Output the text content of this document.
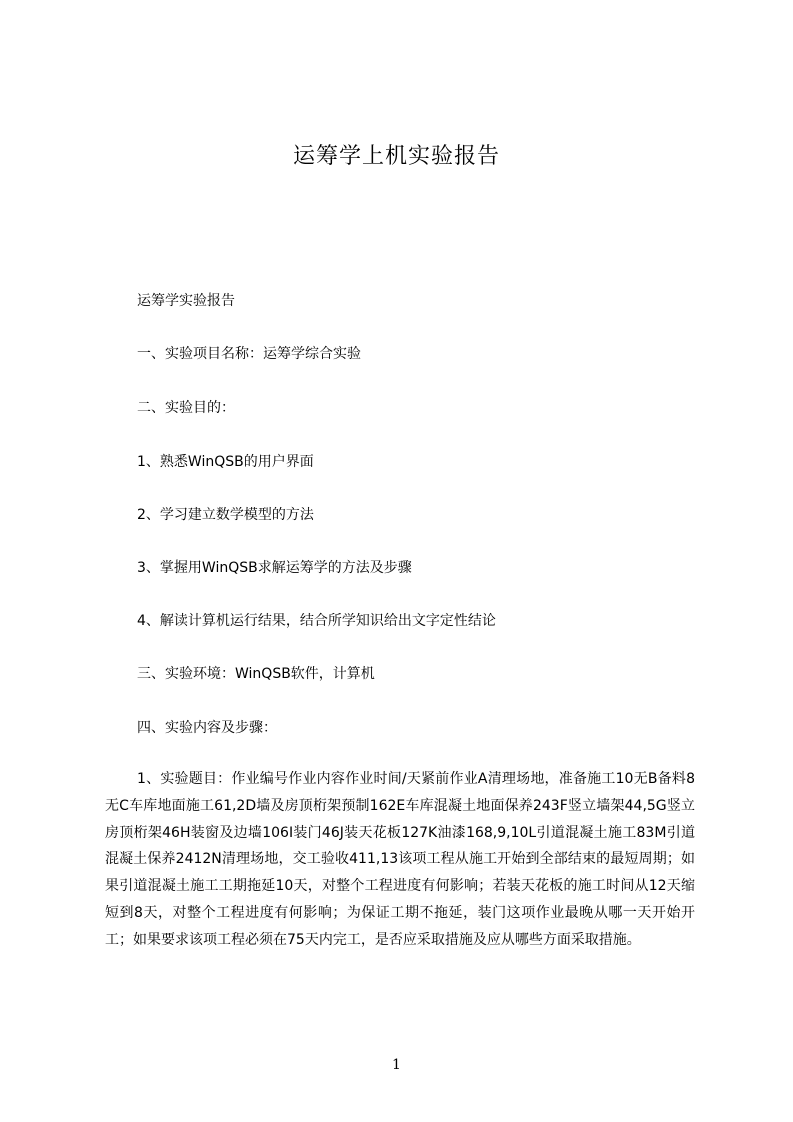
运筹学上机实验报告
运筹学实验报告
一、实验项目名称：运筹学综合实验
二、实验目的：
1、熟悉WinQSB的用户界面
2、学习建立数学模型的方法
3、掌握用WinQSB求解运筹学的方法及步骤
4、解读计算机运行结果，结合所学知识给出文字定性结论
三、实验环境：WinQSB软件，计算机
四、实验内容及步骤：
1、实验题目：作业编号作业内容作业时间/天紧前作业A清理场地，准备施工10无B备料8无C车库地面施工61,2D墙及房顶桁架预制162E车库混凝土地面保养243F竖立墙架44,5G竖立房顶桁架46H装窗及边墙106I装门46J装天花板127K油漆168,9,10L引道混凝土施工83M引道混凝土保养2412N清理场地，交工验收411,13该项工程从施工开始到全部结束的最短周期；如果引道混凝土施工工期拖延10天，对整个工程进度有何影响；若装天花板的施工时间从12天缩短到8天，对整个工程进度有何影响；为保证工期不拖延，装门这项作业最晚从哪一天开始开工；如果要求该项工程必须在75天内完工，是否应采取措施及应从哪些方面采取措施。
1
